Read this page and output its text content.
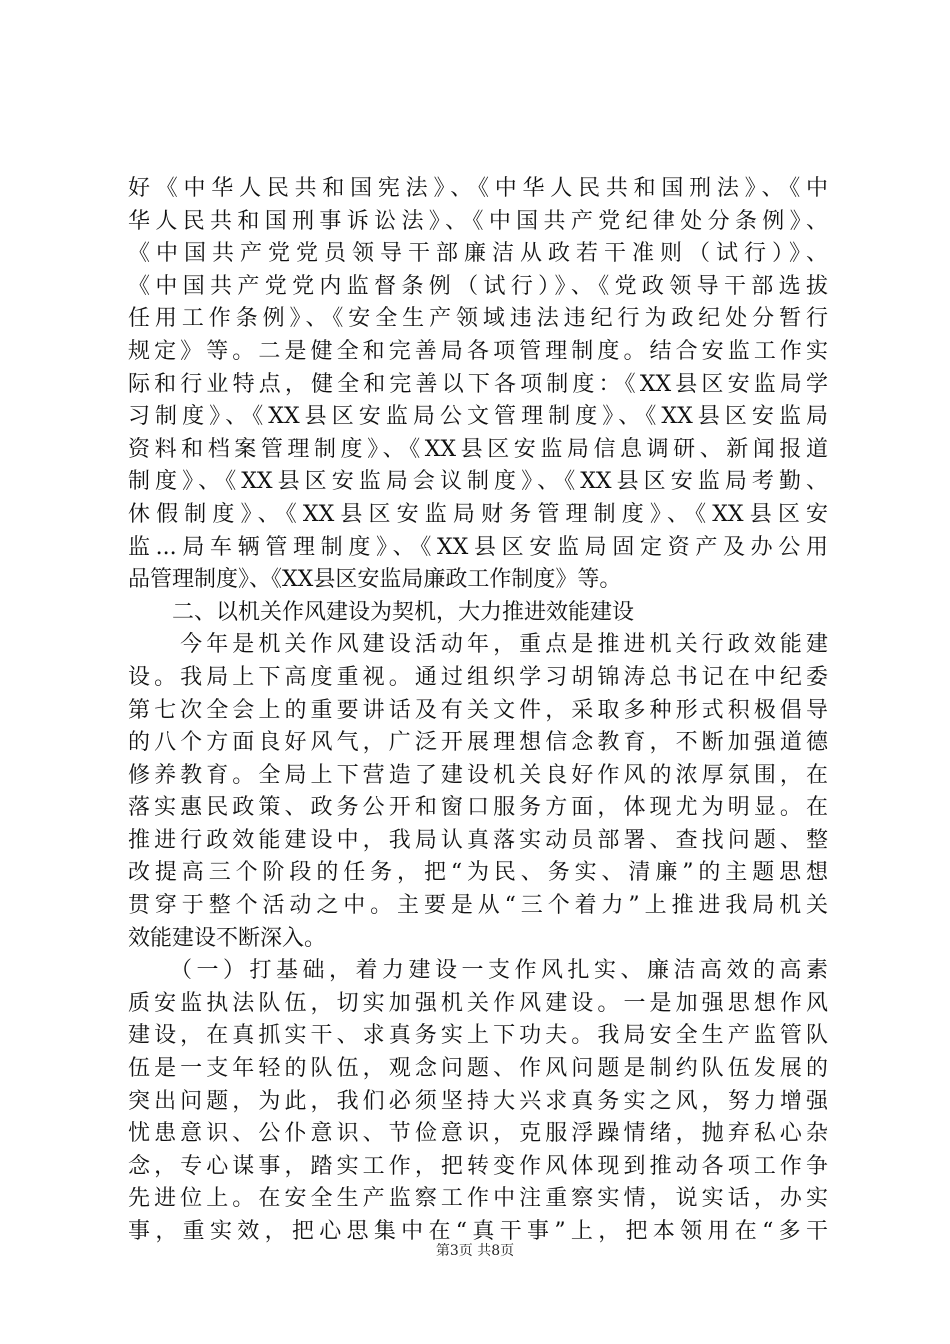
好《中华人民共和国宪法》、《中华人民共和国刑法》、《中
华人民共和国刑事诉讼法》、《中国共产党纪律处分条例》、
《中国共产党党员领导干部廉洁从政若干准则（试行）》、
《中国共产党党内监督条例（试行）》、《党政领导干部选拔
任用工作条例》、《安全生产领域违法违纪行为政纪处分暂行
规定》等。二是健全和完善局各项管理制度。结合安监工作实
际和行业特点，健全和完善以下各项制度：《XX县区安监局学
习制度》、《XX县区安监局公文管理制度》、《XX县区安监局
资料和档案管理制度》、《XX县区安监局信息调研、新闻报道
制度》、《XX县区安监局会议制度》、《XX县区安监局考勤、
休假制度》、《XX县区安监局财务管理制度》、《XX县区安
监...局车辆管理制度》、《XX县区安监局固定资产及办公用
品管理制度》、《XX县区安监局廉政工作制度》等。
　　二、以机关作风建设为契机，大力推进效能建设
　　今年是机关作风建设活动年，重点是推进机关行政效能建
设。我局上下高度重视。通过组织学习胡锦涛总书记在中纪委
第七次全会上的重要讲话及有关文件，采取多种形式积极倡导
的八个方面良好风气，广泛开展理想信念教育，不断加强道德
修养教育。全局上下营造了建设机关良好作风的浓厚氛围，在
落实惠民政策、政务公开和窗口服务方面，体现尤为明显。在
推进行政效能建设中，我局认真落实动员部署、查找问题、整
改提高三个阶段的任务，把“为民、务实、清廉”的主题思想
贯穿于整个活动之中。主要是从“三个着力”上推进我局机关
效能建设不断深入。
　　（一）打基础，着力建设一支作风扎实、廉洁高效的高素
质安监执法队伍，切实加强机关作风建设。一是加强思想作风
建设，在真抓实干、求真务实上下功夫。我局安全生产监管队
伍是一支年轻的队伍，观念问题、作风问题是制约队伍发展的
突出问题，为此，我们必须坚持大兴求真务实之风，努力增强
忧患意识、公仆意识、节俭意识，克服浮躁情绪，抛弃私心杂
念，专心谋事，踏实工作，把转变作风体现到推动各项工作争
先进位上。在安全生产监察工作中注重察实情，说实话，办实
事，重实效，把心思集中在“真干事”上，把本领用在“多干
第3页 共8页
